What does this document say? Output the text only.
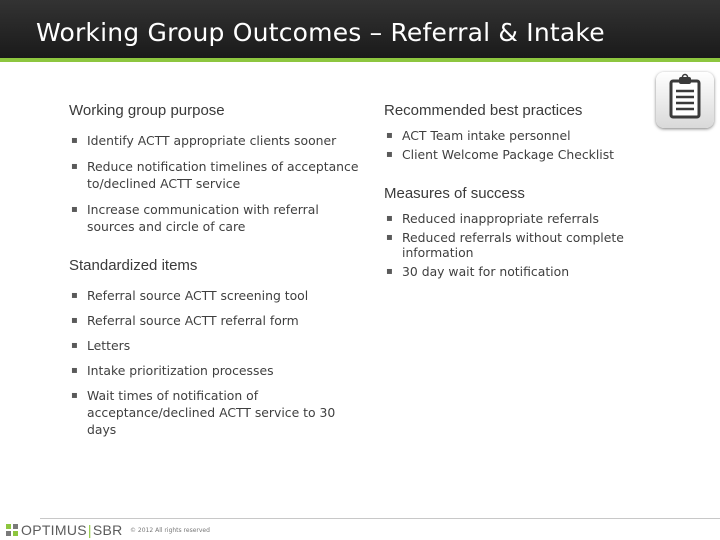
Working Group Outcomes – Referral & Intake
Working group purpose
▪ Identify ACTT appropriate clients sooner
▪ Reduce notification timelines of acceptance to/declined ACTT service
▪ Increase communication with referral sources and circle of care
Standardized items
▪ Referral source ACTT screening tool
▪ Referral source ACTT referral form
▪ Letters
▪ Intake prioritization processes
▪ Wait times of notification of acceptance/declined ACTT service to 30 days
Recommended best practices
▪ ACT Team intake personnel
▪ Client Welcome Package Checklist
Measures of success
▪ Reduced inappropriate referrals
▪ Reduced referrals without complete information
▪ 30 day wait for notification
OPTIMUS|SBR © 2012 All rights reserved
